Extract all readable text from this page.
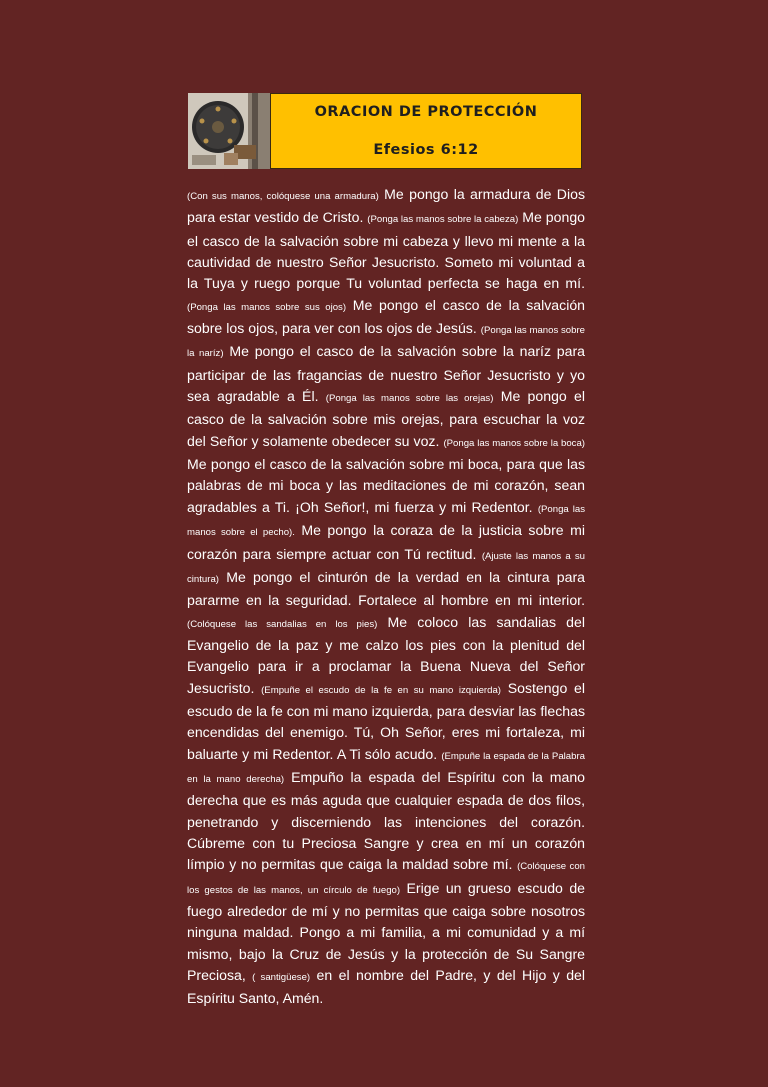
ORACION DE PROTECCIÓN
Efesios 6:12
(Con sus manos, colóquese una armadura) Me pongo la armadura de Dios para estar vestido de Cristo. (Ponga las manos sobre la cabeza) Me pongo el casco de la salvación sobre mi cabeza y llevo mi mente a la cautividad de nuestro Señor Jesucristo. Someto mi voluntad a la Tuya y ruego porque Tu voluntad perfecta se haga en mí. (Ponga las manos sobre sus ojos) Me pongo el casco de la salvación sobre los ojos, para ver con los ojos de Jesús. (Ponga las manos sobre la naríz) Me pongo el casco de la salvación sobre la naríz para participar de las fragancias de nuestro Señor Jesucristo y yo sea agradable a Él. (Ponga las manos sobre las orejas) Me pongo el casco de la salvación sobre mis orejas, para escuchar la voz del Señor y solamente obedecer su voz. (Ponga las manos sobre la boca) Me pongo el casco de la salvación sobre mi boca, para que las palabras de mi boca y las meditaciones de mi corazón, sean agradables a Ti. ¡Oh Señor!, mi fuerza y mi Redentor. (Ponga las manos sobre el pecho). Me pongo la coraza de la justicia sobre mi corazón para siempre actuar con Tú rectitud. (Ajuste las manos a su cintura) Me pongo el cinturón de la verdad en la cintura para pararme en la seguridad. Fortalece al hombre en mi interior. (Colóquese las sandalias en los pies) Me coloco las sandalias del Evangelio de la paz y me calzo los pies con la plenitud del Evangelio para ir a proclamar la Buena Nueva del Señor Jesucristo. (Empuñe el escudo de la fe en su mano izquierda) Sostengo el escudo de la fe con mi mano izquierda, para desviar las flechas encendidas del enemigo. Tú, Oh Señor, eres mi fortaleza, mi baluarte y mi Redentor. A Ti sólo acudo. (Empuñe la espada de la Palabra en la mano derecha) Empuño la espada del Espíritu con la mano derecha que es más aguda que cualquier espada de dos filos, penetrando y discerniendo las intenciones del corazón. Cúbreme con tu Preciosa Sangre y crea en mí un corazón límpio y no permitas que caiga la maldad sobre mí. (Colóquese con los gestos de las manos, un círculo de fuego) Erige un grueso escudo de fuego alrededor de mí y no permitas que caiga sobre nosotros ninguna maldad. Pongo a mi familia, a mi comunidad y a mí mismo, bajo la Cruz de Jesús y la protección de Su Sangre Preciosa, ( santigüese) en el nombre del Padre, y del Hijo y del Espíritu Santo, Amén.
